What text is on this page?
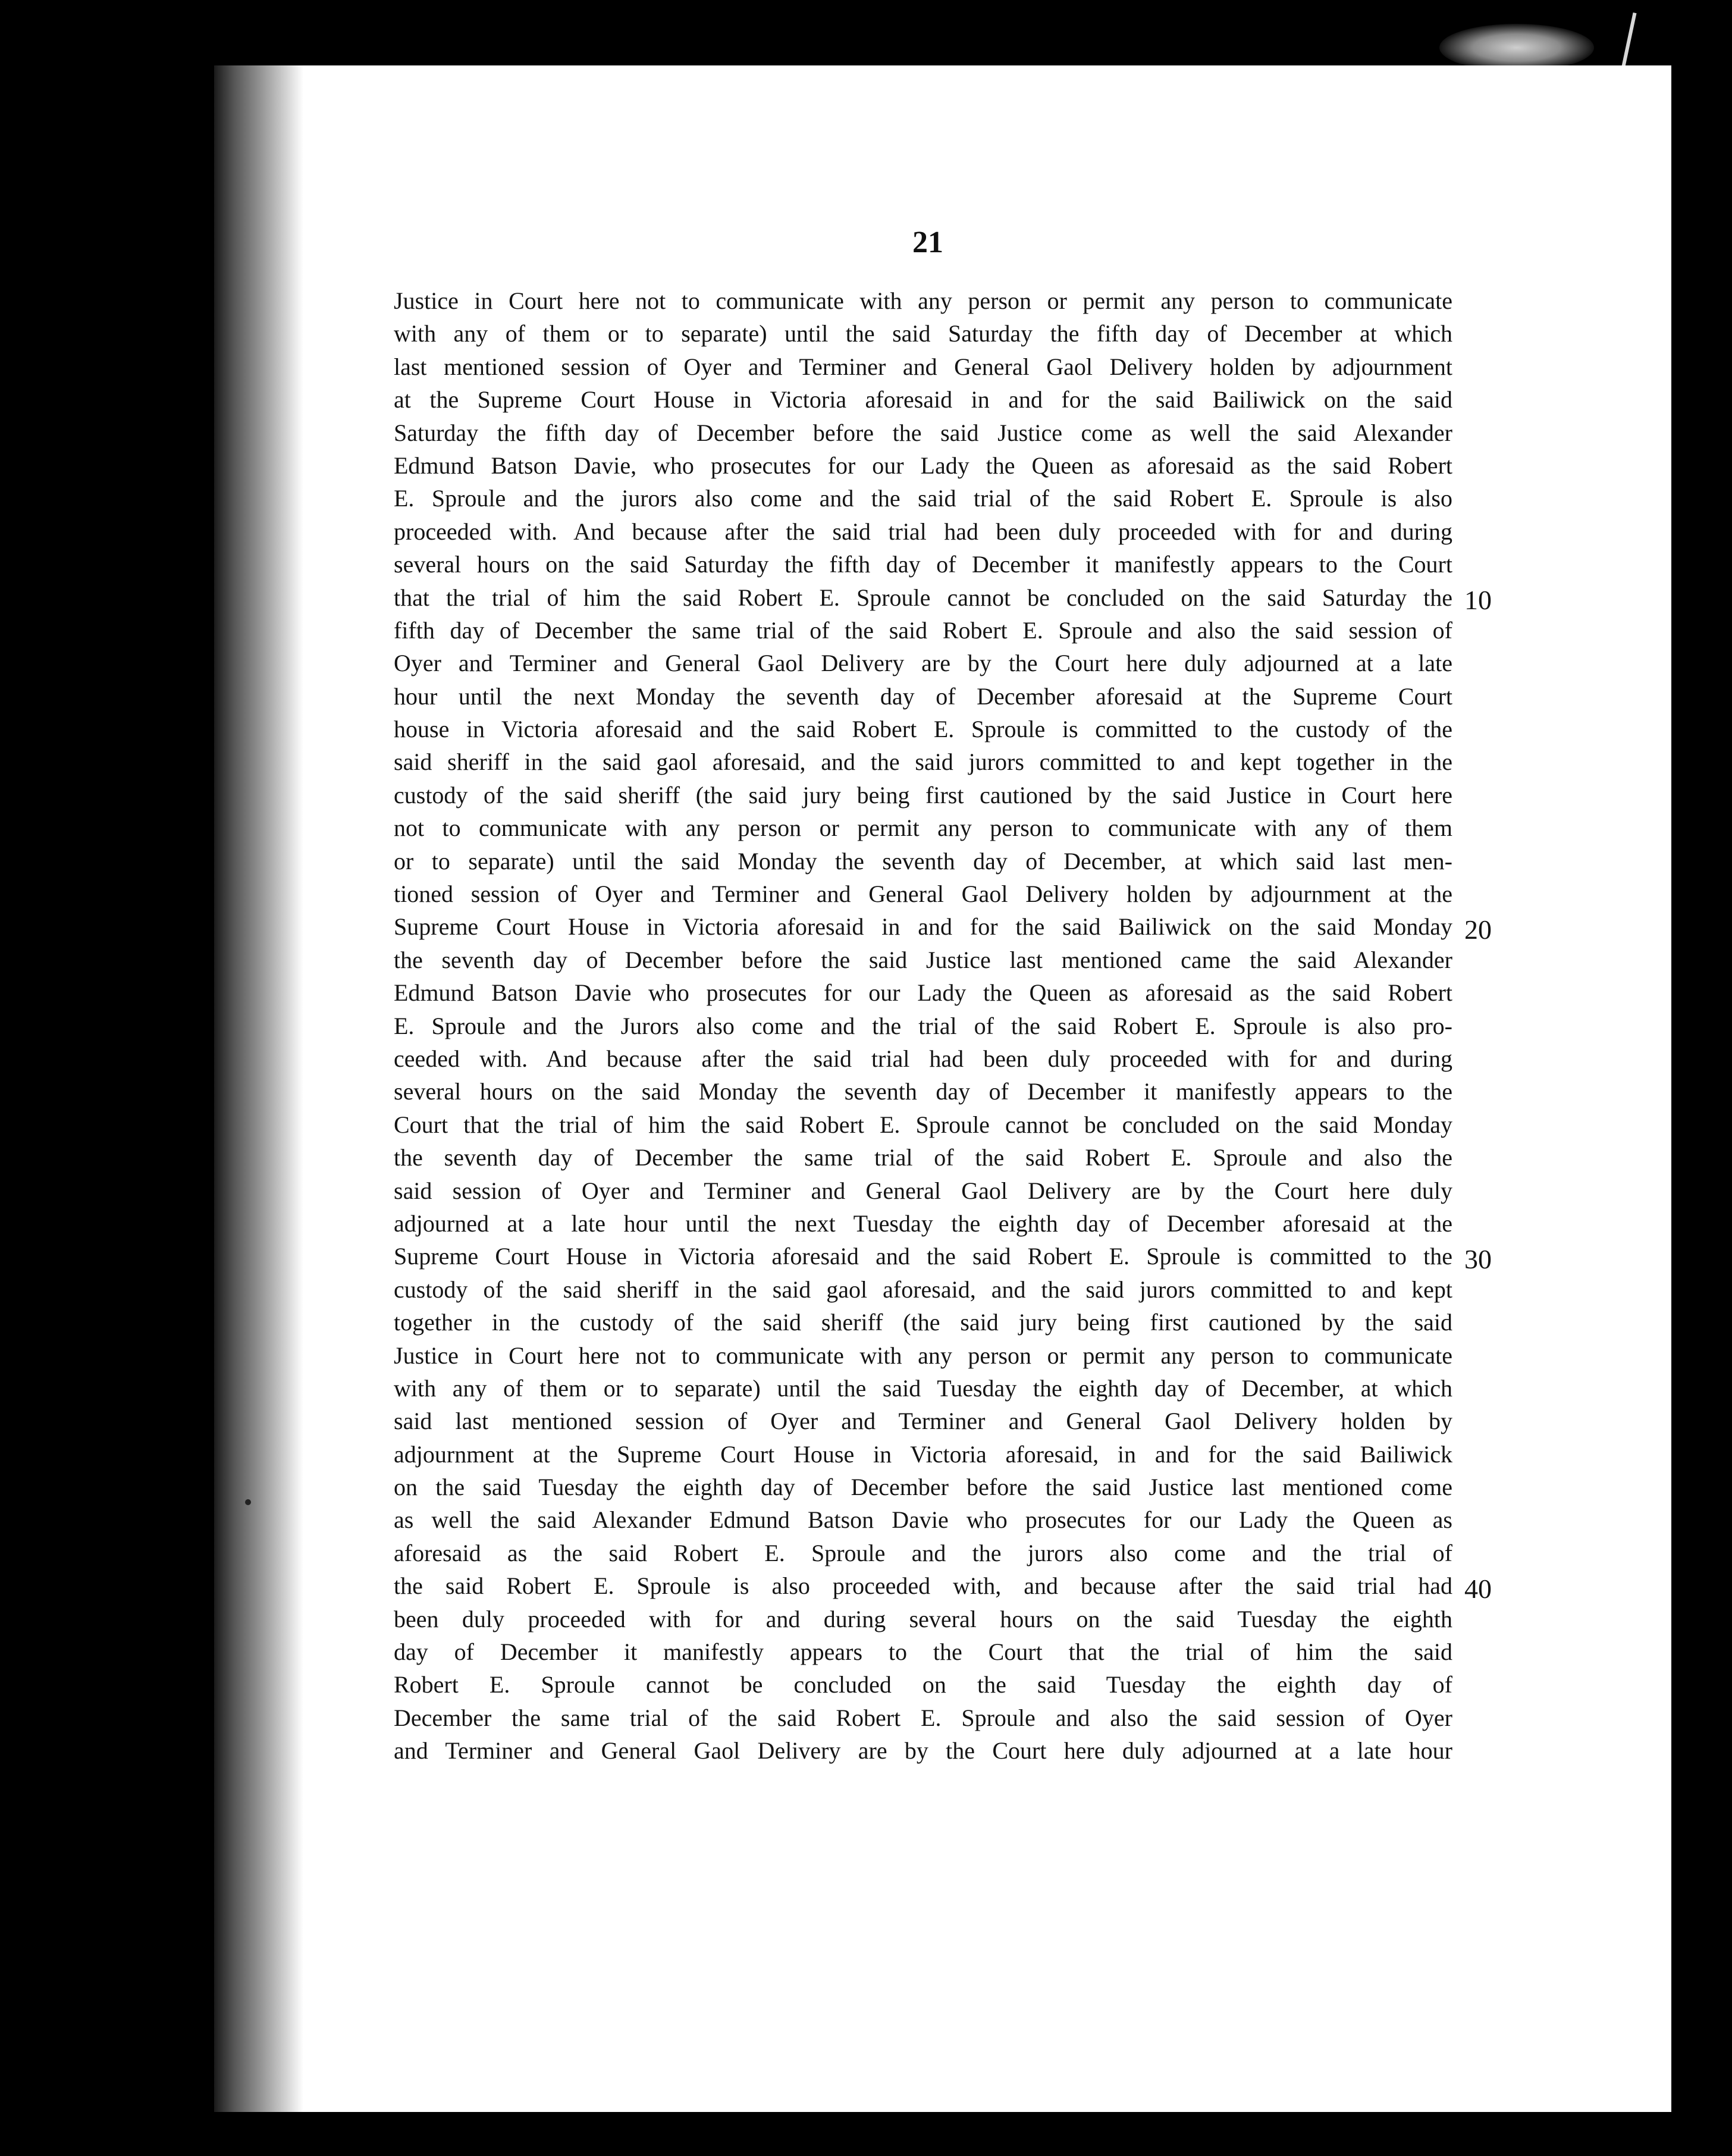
21
Justice in Court here not to communicate with any person or permit any person to communicate
with any of them or to separate) until the said Saturday the fifth day of December at which
last mentioned session of Oyer and Terminer and General Gaol Delivery holden by adjournment
at the Supreme Court House in Victoria aforesaid in and for the said Bailiwick on the said
Saturday the fifth day of December before the said Justice come as well the said Alexander
Edmund Batson Davie, who prosecutes for our Lady the Queen as aforesaid as the said Robert
E. Sproule and the jurors also come and the said trial of the said Robert E. Sproule is also
proceeded with. And because after the said trial had been duly proceeded with for and during
several hours on the said Saturday the fifth day of December it manifestly appears to the Court
that the trial of him the said Robert E. Sproule cannot be concluded on the said Saturday the
fifth day of December the same trial of the said Robert E. Sproule and also the said session of
Oyer and Terminer and General Gaol Delivery are by the Court here duly adjourned at a late
hour until the next Monday the seventh day of December aforesaid at the Supreme Court
house in Victoria aforesaid and the said Robert E. Sproule is committed to the custody of the
said sheriff in the said gaol aforesaid, and the said jurors committed to and kept together in the
custody of the said sheriff (the said jury being first cautioned by the said Justice in Court here
not to communicate with any person or permit any person to communicate with any of them
or to separate) until the said Monday the seventh day of December, at which said last men-
tioned session of Oyer and Terminer and General Gaol Delivery holden by adjournment at the
Supreme Court House in Victoria aforesaid in and for the said Bailiwick on the said Monday
the seventh day of December before the said Justice last mentioned came the said Alexander
Edmund Batson Davie who prosecutes for our Lady the Queen as aforesaid as the said Robert
E. Sproule and the Jurors also come and the trial of the said Robert E. Sproule is also pro-
ceeded with. And because after the said trial had been duly proceeded with for and during
several hours on the said Monday the seventh day of December it manifestly appears to the
Court that the trial of him the said Robert E. Sproule cannot be concluded on the said Monday
the seventh day of December the same trial of the said Robert E. Sproule and also the
said session of Oyer and Terminer and General Gaol Delivery are by the Court here duly
adjourned at a late hour until the next Tuesday the eighth day of December aforesaid at the
Supreme Court House in Victoria aforesaid and the said Robert E. Sproule is committed to the
custody of the said sheriff in the said gaol aforesaid, and the said jurors committed to and kept
together in the custody of the said sheriff (the said jury being first cautioned by the said
Justice in Court here not to communicate with any person or permit any person to communicate
with any of them or to separate) until the said Tuesday the eighth day of December, at which
said last mentioned session of Oyer and Terminer and General Gaol Delivery holden by
adjournment at the Supreme Court House in Victoria aforesaid, in and for the said Bailiwick
on the said Tuesday the eighth day of December before the said Justice last mentioned come
as well the said Alexander Edmund Batson Davie who prosecutes for our Lady the Queen as
aforesaid as the said Robert E. Sproule and the jurors also come and the trial of
the said Robert E. Sproule is also proceeded with, and because after the said trial had
been duly proceeded with for and during several hours on the said Tuesday the eighth
day of December it manifestly appears to the Court that the trial of him the said
Robert E. Sproule cannot be concluded on the said Tuesday the eighth day of
December the same trial of the said Robert E. Sproule and also the said session of Oyer
and Terminer and General Gaol Delivery are by the Court here duly adjourned at a late hour
10
20
30
40
